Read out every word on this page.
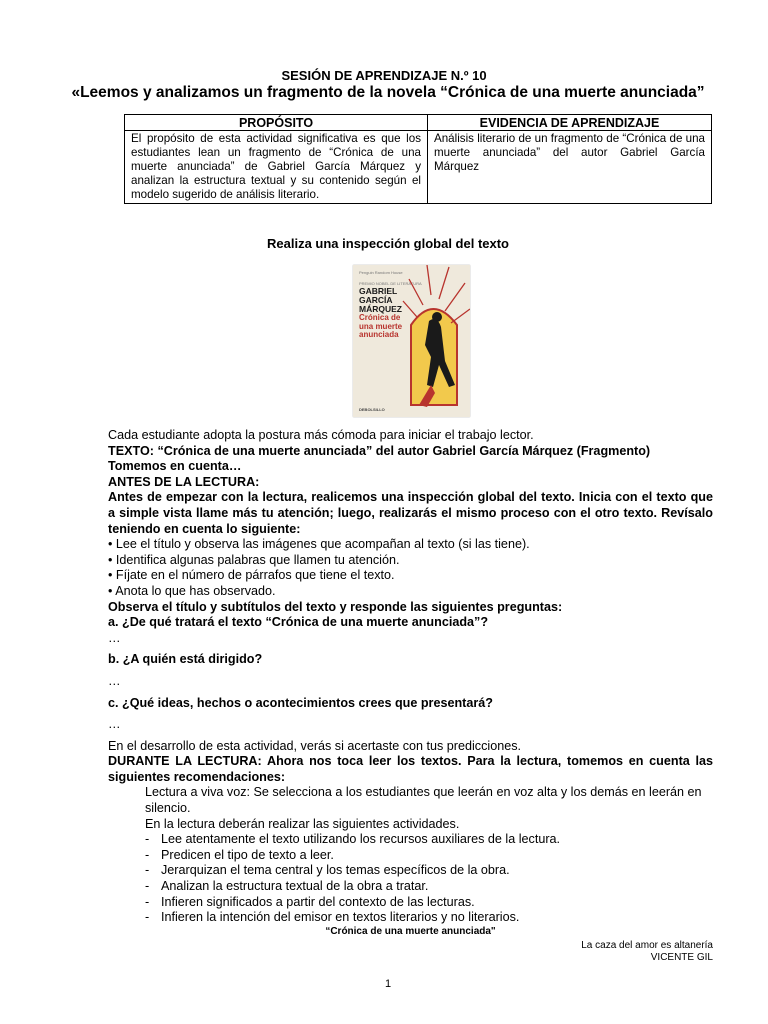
SESIÓN DE APRENDIZAJE N.º 10
«Leemos y analizamos un fragmento de la novela “Crónica de una muerte anunciada”
PROPÓSITO	EVIDENCIA DE APRENDIZAJE
El propósito de esta actividad significativa es que los estudiantes lean un fragmento de “Crónica de una muerte anunciada” de Gabriel García Márquez y analizan la estructura textual y su contenido según el modelo sugerido de análisis literario.	Análisis literario de un fragmento de “Crónica de una muerte anunciada” del autor Gabriel García Márquez
Realiza una inspección global del texto
Penguin Random House
PREMIO NOBEL DE LITERATURA
GABRIEL GARCÍA MÁRQUEZ
Crónica de una muerte anunciada
DEBOLSILLO

Cada estudiante adopta la postura más cómoda para iniciar el trabajo lector.

TEXTO: “Crónica de una muerte anunciada” del autor Gabriel García Márquez (Fragmento)

Tomemos en cuenta…

ANTES DE LA LECTURA:

Antes de empezar con la lectura, realicemos una inspección global del texto. Inicia con el texto que a simple vista llame más tu atención; luego, realizarás el mismo proceso con el otro texto. Revísalo teniendo en cuenta lo siguiente:

• Lee el título y observa las imágenes que acompañan al texto (si las tiene).

• Identifica algunas palabras que llamen tu atención.

• Fíjate en el número de párrafos que tiene el texto.

• Anota lo que has observado.

Observa el título y subtítulos del texto y responde las siguientes preguntas:

a. ¿De qué tratará el texto “Crónica de una muerte anunciada”?

…

b. ¿A quién está dirigido?

…

c. ¿Qué ideas, hechos o acontecimientos crees que presentará?

…

En el desarrollo de esta actividad, verás si acertaste con tus predicciones.

DURANTE LA LECTURA: Ahora nos toca leer los textos. Para la lectura, tomemos en cuenta las siguientes recomendaciones:

Lectura a viva voz: Se selecciona a los estudiantes que leerán en voz alta y los demás en leerán en silencio.

En la lectura deberán realizar las siguientes actividades.

- Lee atentamente el texto utilizando los recursos auxiliares de la lectura.
- Predicen el tipo de texto a leer.
- Jerarquizan el tema central y los temas específicos de la obra.
- Analizan la estructura textual de la obra a tratar.
- Infieren significados a partir del contexto de las lecturas.
- Infieren la intención del emisor en textos literarios y no literarios.

“Crónica de una muerte anunciada"

La caza del amor es altanería

VICENTE GIL

1
